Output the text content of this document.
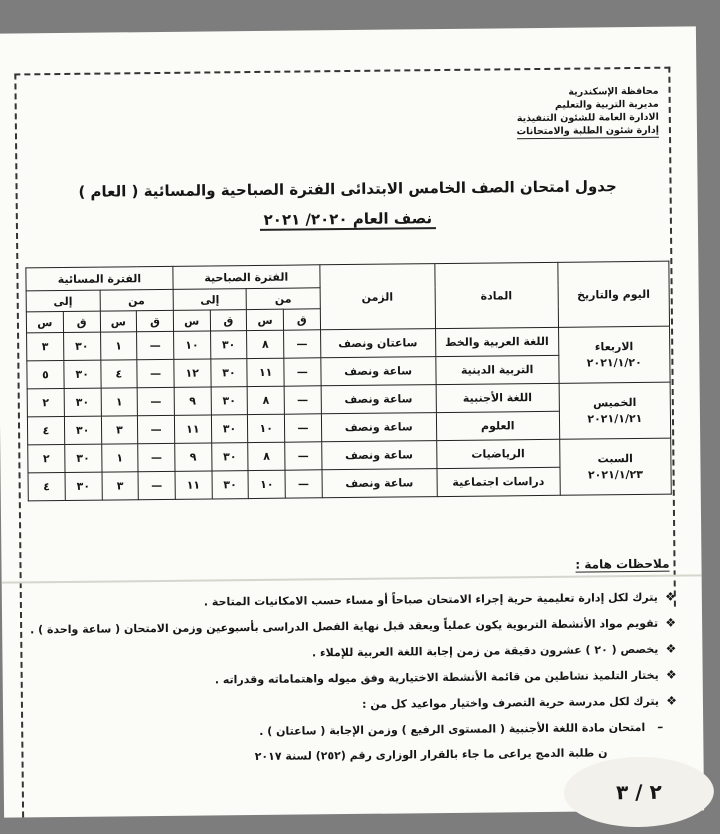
محافظة الإسكندرية
مديرية التربية والتعليم
الادارة العامة للشئون التنفيذية
إدارة شئون الطلبة والامتحانات
جدول امتحان الصف الخامس الابتدائى الفترة الصباحية والمسائية ( العام )
نصف العام ٢٠٢٠/ ٢٠٢١
اليوم والتاريخ	المادة	الزمن	الفترة الصباحية				الفترة المسائية			
			من		إلى		من		إلى	
			ق	س	ق	س	ق	س	ق	س

الاربعاء
٢٠٢١/١/٢٠	اللغة العربية والخط	ساعتان ونصف	—	٨	٣٠	١٠	—	١	٣٠	٣
	التربية الدينية	ساعة ونصف	—	١١	٣٠	١٢	—	٤	٣٠	٥

الخميس
٢٠٢١/١/٢١	اللغة الأجنبية	ساعة ونصف	—	٨	٣٠	٩	—	١	٣٠	٢
	العلوم	ساعة ونصف	—	١٠	٣٠	١١	—	٣	٣٠	٤

السبت
٢٠٢١/١/٢٣	الرياضيات	ساعة ونصف	—	٨	٣٠	٩	—	١	٣٠	٢
	دراسات اجتماعية	ساعة ونصف	—	١٠	٣٠	١١	—	٣	٣٠	٤
ملاحظات هامة :
❖يترك لكل إدارة تعليمية حرية إجراء الامتحان صباحاً أو مساء حسب الامكانيات المتاحة .
❖تقويم مواد الأنشطة التربوية يكون عملياً ويعقد قبل نهاية الفصل الدراسى بأسبوعين وزمن الامتحان ( ساعة واحدة ) .
❖يخصص ( ٢٠ ) عشرون دقيقة من زمن إجابة اللغة العربية للإملاء .
❖يختار التلميذ نشاطين من قائمة الأنشطة الاختيارية وفق ميوله واهتماماته وقدراته .
❖يترك لكل مدرسة حرية التصرف واختيار مواعيد كل من :
–امتحان مادة اللغة الأجنبية ( المستوى الرفيع ) وزمن الإجابة ( ساعتان ) .
ن طلبة الدمج يراعى ما جاء بالقرار الوزارى رقم (٢٥٢) لسنة ٢٠١٧
٢ / ٣
